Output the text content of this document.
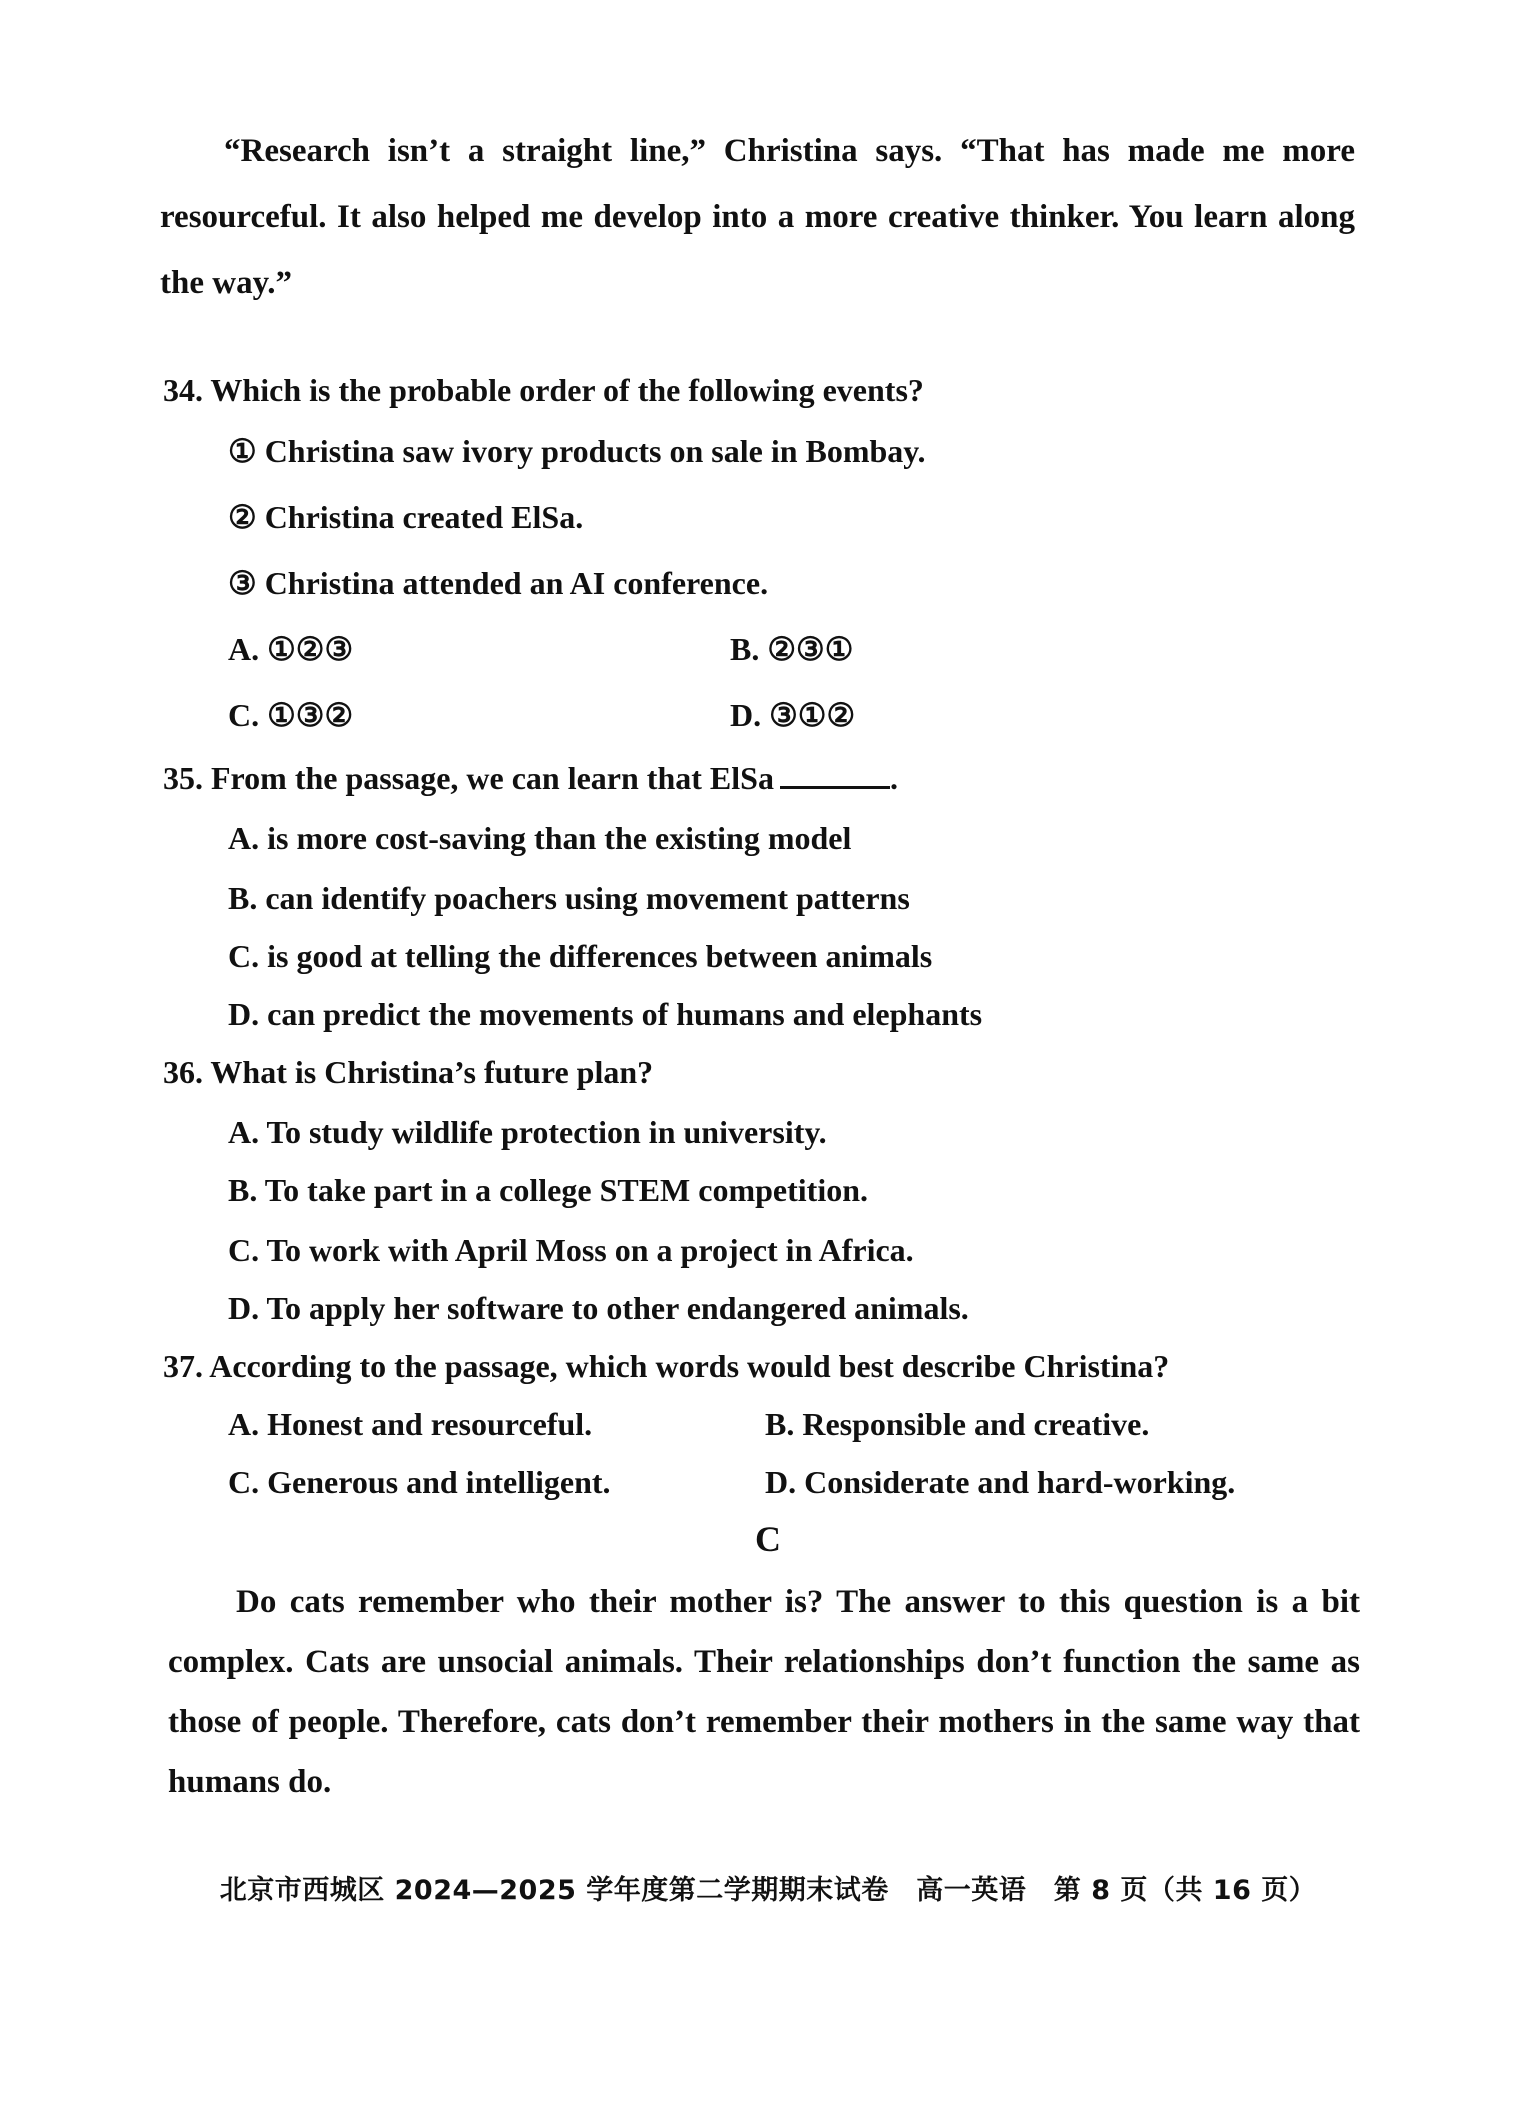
“Research isn’t a straight line,” Christina says. “That has made me more resourceful. It also helped me develop into a more creative thinker. You learn along the way.”

34. Which is the probable order of the following events?

① Christina saw ivory products on sale in Bombay.

② Christina created ElSa.

③ Christina attended an AI conference.

A. ①②③	B. ②③①

C. ①③②	D. ③①②

35. From the passage, we can learn that ElSa	.

A. is more cost-saving than the existing model

B. can identify poachers using movement patterns

C. is good at telling the differences between animals

D. can predict the movements of humans and elephants

36. What is Christina’s future plan?

A. To study wildlife protection in university.

B. To take part in a college STEM competition.

C. To work with April Moss on a project in Africa.

D. To apply her software to other endangered animals.

37. According to the passage, which words would best describe Christina?

A. Honest and resourceful.	B. Responsible and creative.

C. Generous and intelligent.	D. Considerate and hard-working.

C

Do cats remember who their mother is? The answer to this question is a bit complex. Cats are unsocial animals. Their relationships don’t function the same as those of people. Therefore, cats don’t remember their mothers in the same way that humans do.

北京市西城区 2024—2025 学年度第二学期期末试卷　高一英语　第 8 页（共 16 页）
